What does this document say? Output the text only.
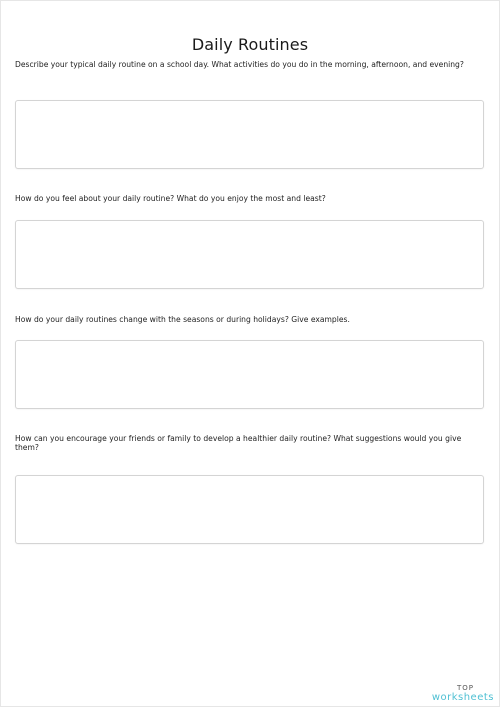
Daily Routines
Describe your typical daily routine on a school day. What activities do you do in the morning, afternoon, and evening?
How do you feel about your daily routine? What do you enjoy the most and least?
How do your daily routines change with the seasons or during holidays? Give examples.
How can you encourage your friends or family to develop a healthier daily routine? What suggestions would you give them?
TOP
worksheets
